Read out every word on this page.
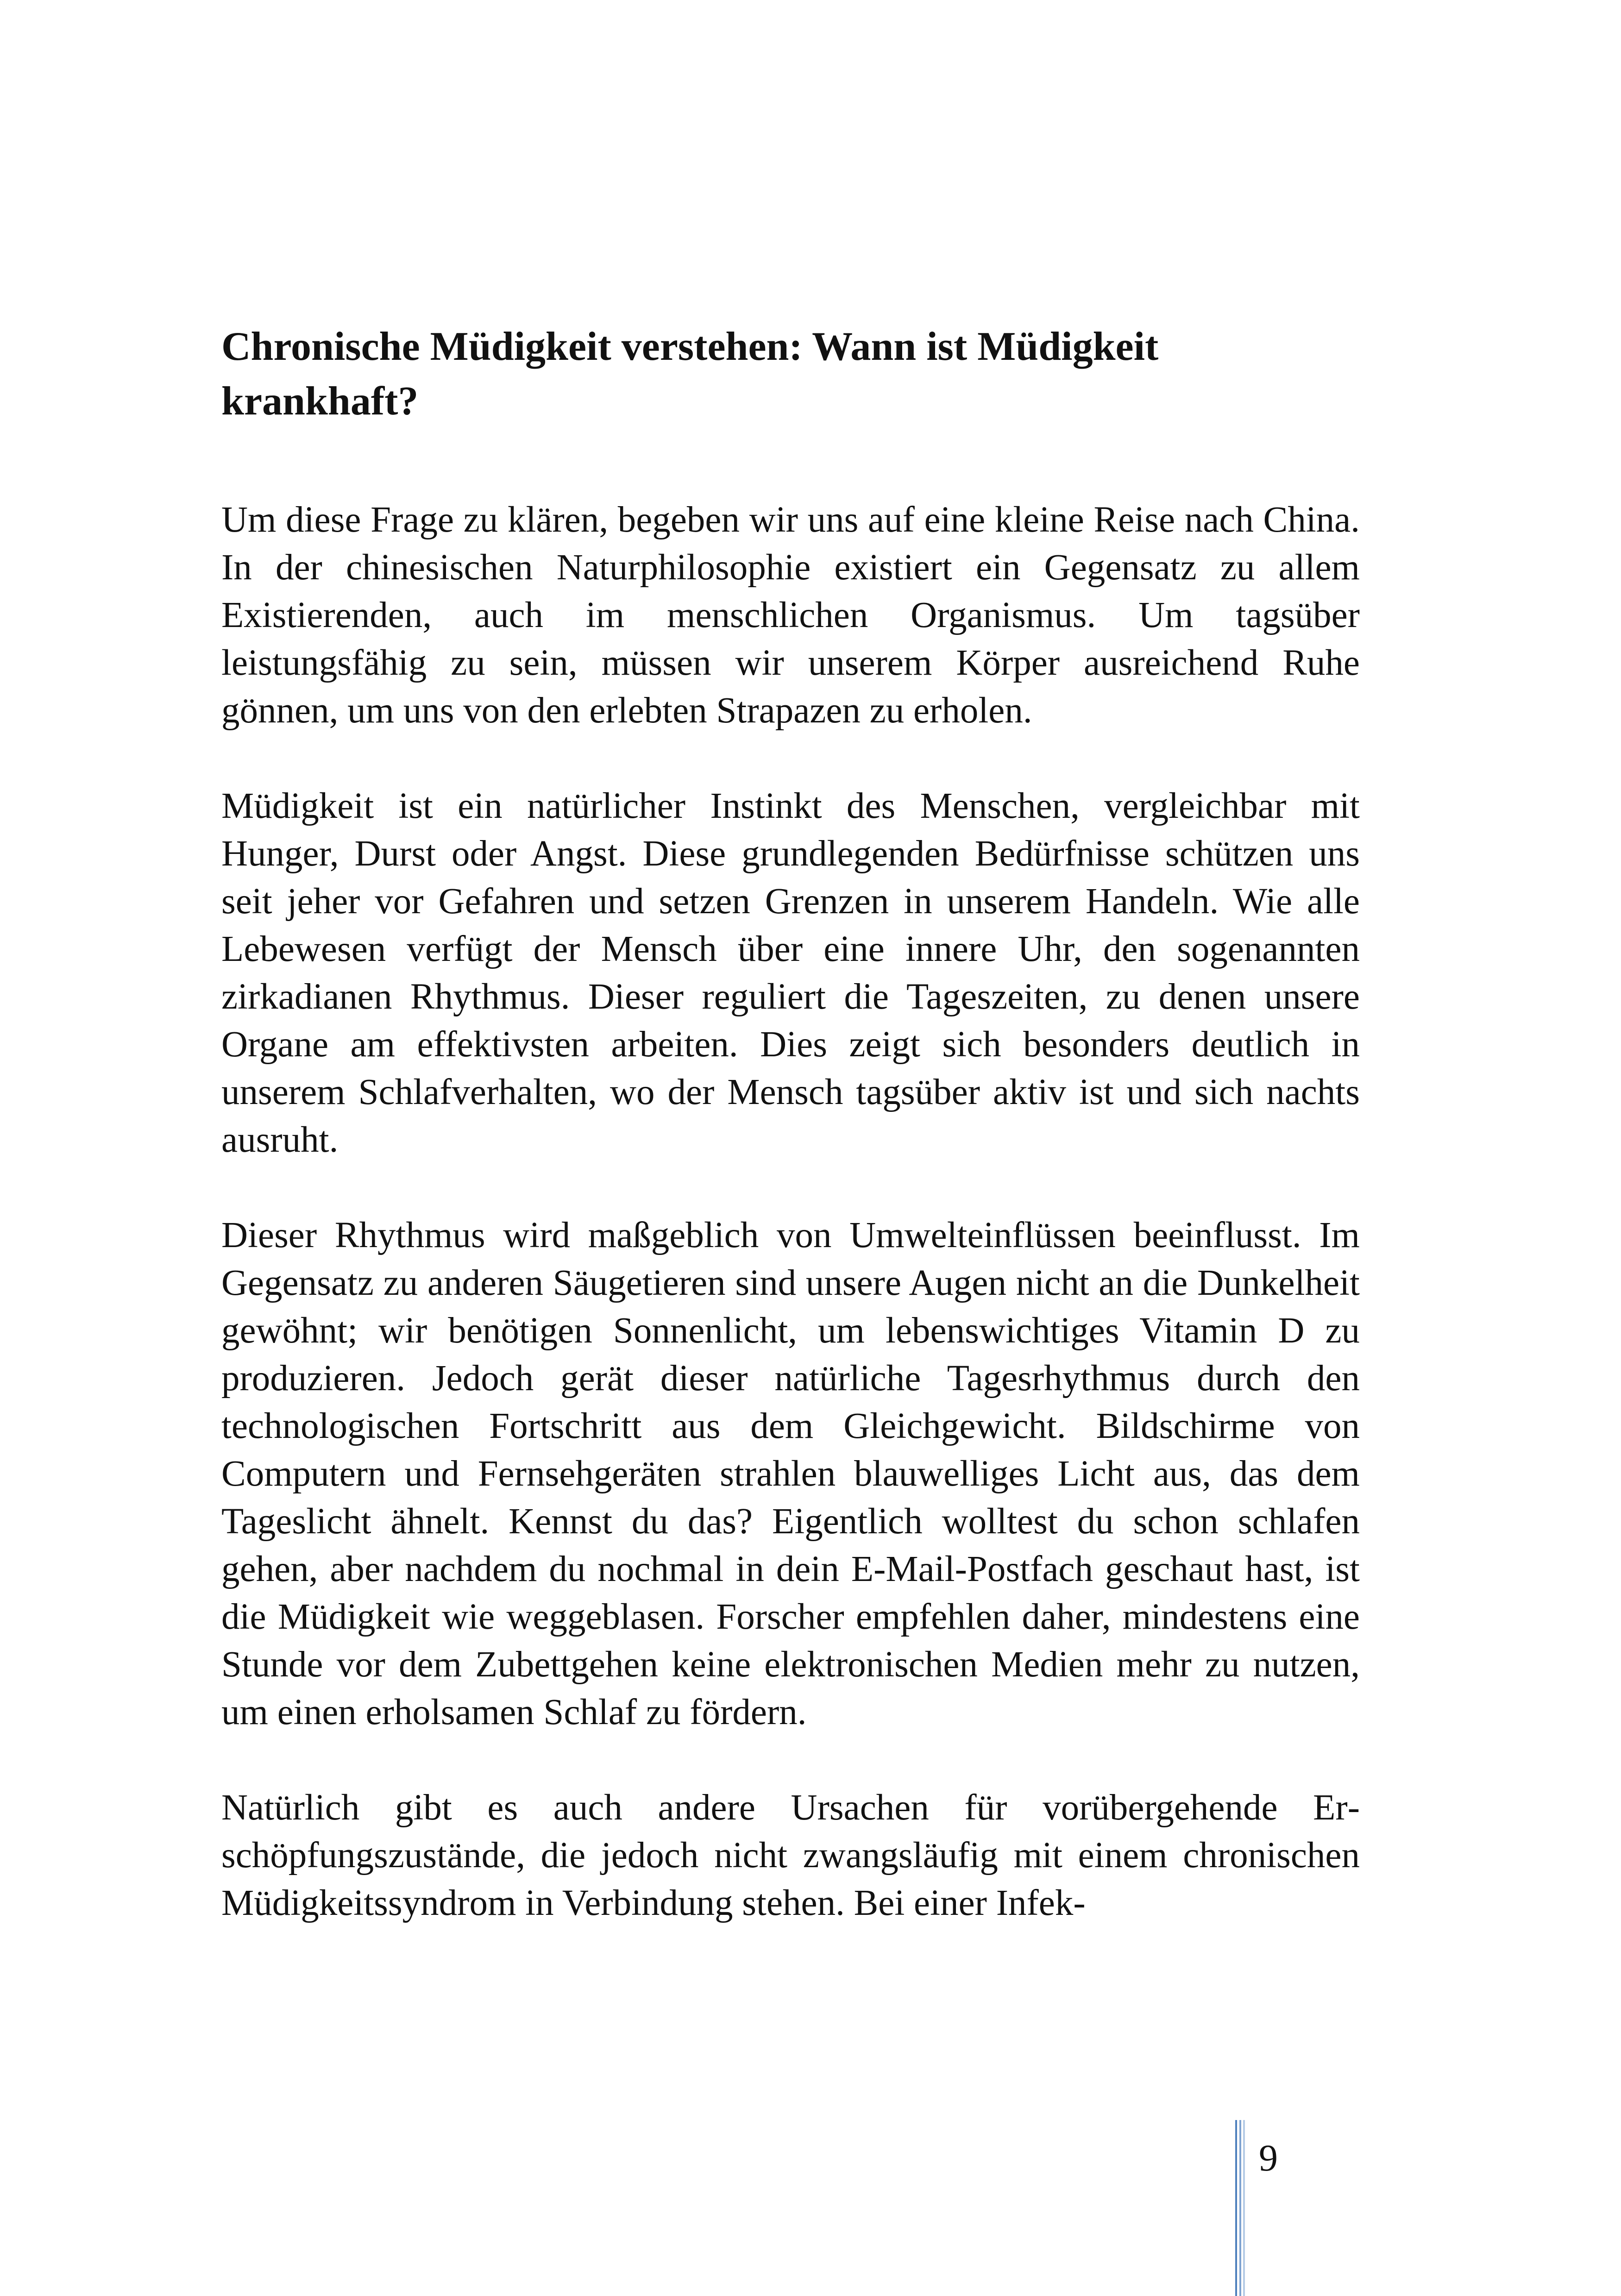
Chronische Müdigkeit verstehen: Wann ist Müdigkeit krankhaft?

Um diese Frage zu klären, begeben wir uns auf eine kleine Reise nach China. In der chinesischen Naturphilosophie existiert ein Gegensatz zu allem Existierenden, auch im menschlichen Organismus. Um tagsüber leistungsfähig zu sein, müssen wir unserem Körper ausreichend Ruhe gönnen, um uns von den erlebten Strapazen zu erholen.

Müdigkeit ist ein natürlicher Instinkt des Menschen, vergleichbar mit Hunger, Durst oder Angst. Diese grundlegenden Bedürfnisse schützen uns seit jeher vor Gefahren und setzen Grenzen in unserem Handeln. Wie alle Lebewesen verfügt der Mensch über eine innere Uhr, den sogenannten zirkadianen Rhythmus. Dieser reguliert die Tageszeiten, zu denen unsere Organe am effektivsten arbeiten. Dies zeigt sich besonders deutlich in unserem Schlafverhalten, wo der Mensch tagsüber aktiv ist und sich nachts ausruht.

Dieser Rhythmus wird maßgeblich von Umwelteinflüssen beeinflusst. Im Gegensatz zu anderen Säugetieren sind unsere Augen nicht an die Dunkelheit gewöhnt; wir benötigen Sonnenlicht, um lebenswichtiges Vitamin D zu produzieren. Jedoch gerät dieser natürliche Tagesrhythmus durch den technologischen Fortschritt aus dem Gleichgewicht. Bildschirme von Computern und Fernsehgeräten strahlen blauwelliges Licht aus, das dem Tageslicht ähnelt. Kennst du das? Eigentlich wolltest du schon schlafen gehen, aber nachdem du nochmal in dein E-Mail-Postfach geschaut hast, ist die Müdigkeit wie weggeblasen. Forscher empfehlen daher, mindestens eine Stunde vor dem Zubettgehen keine elektronischen Medien mehr zu nutzen, um einen erholsamen Schlaf zu fördern.

Natürlich gibt es auch andere Ursachen für vorübergehende Erschöpfungszustände, die jedoch nicht zwangsläufig mit einem chronischen Müdigkeitssyndrom in Verbindung stehen. Bei einer Infek-

9
